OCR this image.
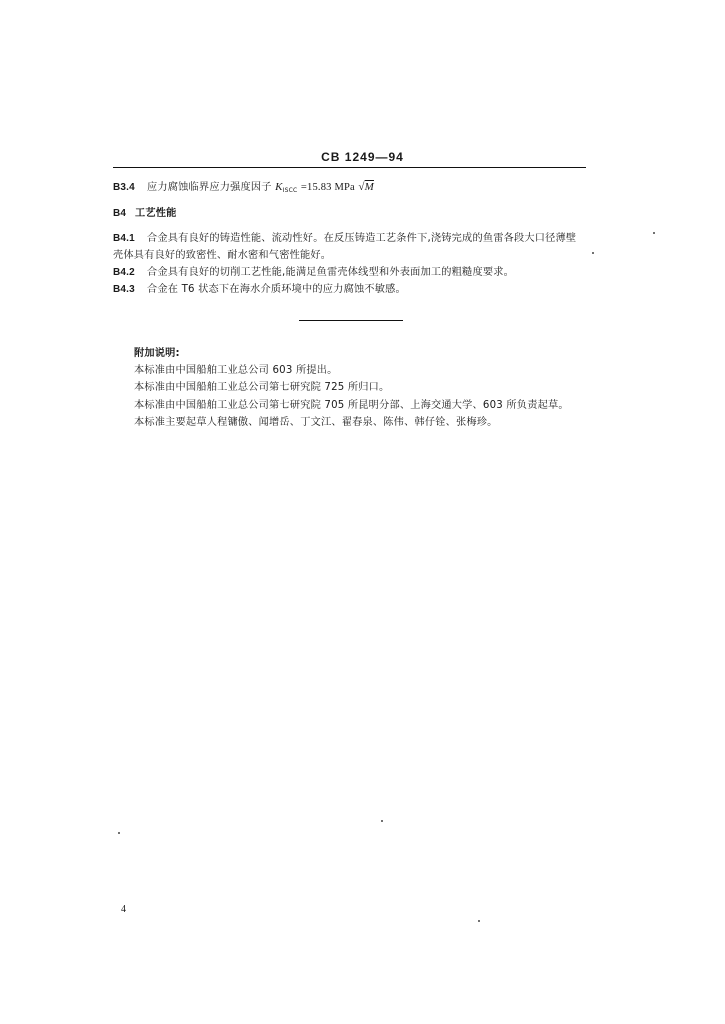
CB 1249—94
B3.4 应力腐蚀临界应力强度因子 KISCC =15.83 MPa √M
B4 工艺性能
B4.1 合金具有良好的铸造性能、流动性好。在反压铸造工艺条件下,浇铸完成的鱼雷各段大口径薄壁
壳体具有良好的致密性、耐水密和气密性能好。
B4.2 合金具有良好的切削工艺性能,能满足鱼雷壳体线型和外表面加工的粗糙度要求。
B4.3 合金在 T6 状态下在海水介质环境中的应力腐蚀不敏感。
附加说明:
本标准由中国船舶工业总公司 603 所提出。
本标准由中国船舶工业总公司第七研究院 725 所归口。
本标准由中国船舶工业总公司第七研究院 705 所昆明分部、上海交通大学、603 所负责起草。
本标准主要起草人程镛傲、闻增岳、丁文江、翟春泉、陈伟、韩仔铨、张梅珍。
4
